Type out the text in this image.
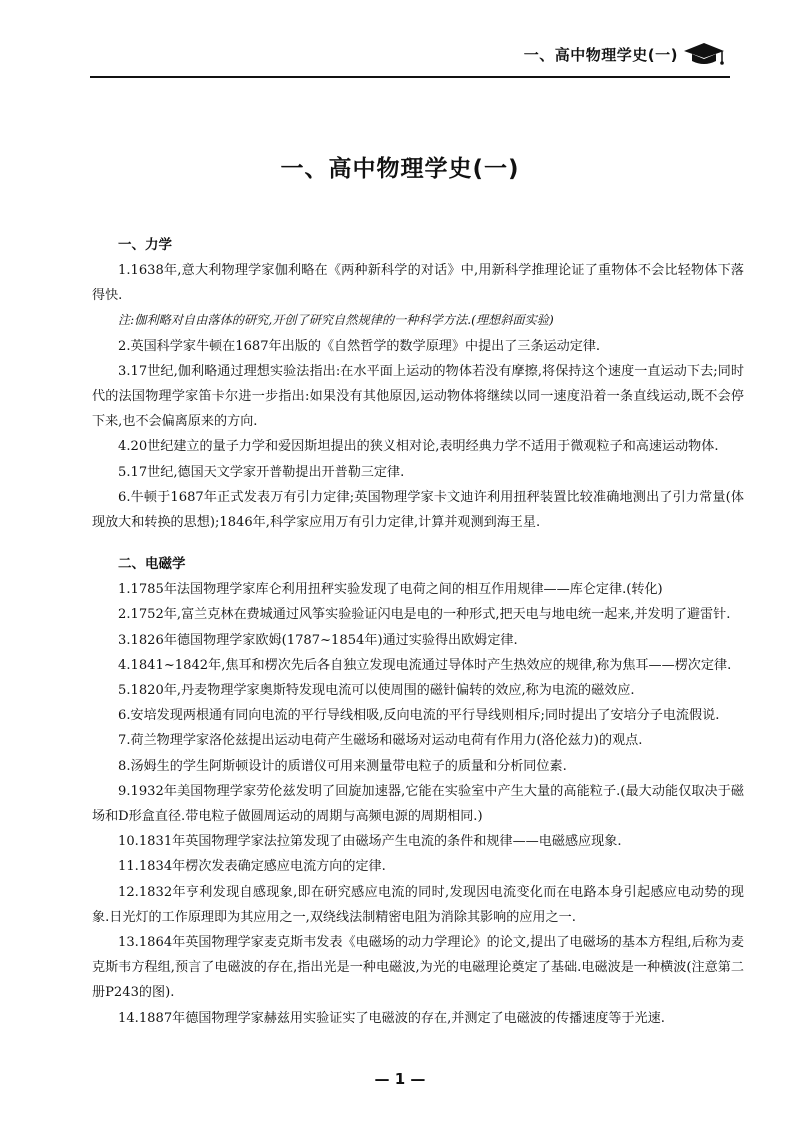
一、高中物理学史(一)
一、高中物理学史(一)
一、力学

1.1638年,意大利物理学家伽利略在《两种新科学的对话》中,用新科学推理论证了重物体不会比轻物体下落得快.

注:伽利略对自由落体的研究,开创了研究自然规律的一种科学方法.(理想斜面实验)

2.英国科学家牛顿在1687年出版的《自然哲学的数学原理》中提出了三条运动定律.

3.17世纪,伽利略通过理想实验法指出:在水平面上运动的物体若没有摩擦,将保持这个速度一直运动下去;同时代的法国物理学家笛卡尔进一步指出:如果没有其他原因,运动物体将继续以同一速度沿着一条直线运动,既不会停下来,也不会偏离原来的方向.

4.20世纪建立的量子力学和爱因斯坦提出的狭义相对论,表明经典力学不适用于微观粒子和高速运动物体.

5.17世纪,德国天文学家开普勒提出开普勒三定律.

6.牛顿于1687年正式发表万有引力定律;英国物理学家卡文迪许利用扭秤装置比较准确地测出了引力常量(体现放大和转换的思想);1846年,科学家应用万有引力定律,计算并观测到海王星.

二、电磁学

1.1785年法国物理学家库仑利用扭秤实验发现了电荷之间的相互作用规律——库仑定律.(转化)

2.1752年,富兰克林在费城通过风筝实验验证闪电是电的一种形式,把天电与地电统一起来,并发明了避雷针.

3.1826年德国物理学家欧姆(1787~1854年)通过实验得出欧姆定律.

4.1841~1842年,焦耳和楞次先后各自独立发现电流通过导体时产生热效应的规律,称为焦耳——楞次定律.

5.1820年,丹麦物理学家奥斯特发现电流可以使周围的磁针偏转的效应,称为电流的磁效应.

6.安培发现两根通有同向电流的平行导线相吸,反向电流的平行导线则相斥;同时提出了安培分子电流假说.

7.荷兰物理学家洛伦兹提出运动电荷产生磁场和磁场对运动电荷有作用力(洛伦兹力)的观点.

8.汤姆生的学生阿斯顿设计的质谱仪可用来测量带电粒子的质量和分析同位素.

9.1932年美国物理学家劳伦兹发明了回旋加速器,它能在实验室中产生大量的高能粒子.(最大动能仅取决于磁场和D形盒直径.带电粒子做圆周运动的周期与高频电源的周期相同.)

10.1831年英国物理学家法拉第发现了由磁场产生电流的条件和规律——电磁感应现象.

11.1834年楞次发表确定感应电流方向的定律.

12.1832年亨利发现自感现象,即在研究感应电流的同时,发现因电流变化而在电路本身引起感应电动势的现象.日光灯的工作原理即为其应用之一,双绕线法制精密电阻为消除其影响的应用之一.

13.1864年英国物理学家麦克斯韦发表《电磁场的动力学理论》的论文,提出了电磁场的基本方程组,后称为麦克斯韦方程组,预言了电磁波的存在,指出光是一种电磁波,为光的电磁理论奠定了基础.电磁波是一种横波(注意第二册P243的图).

14.1887年德国物理学家赫兹用实验证实了电磁波的存在,并测定了电磁波的传播速度等于光速.

— 1 —
